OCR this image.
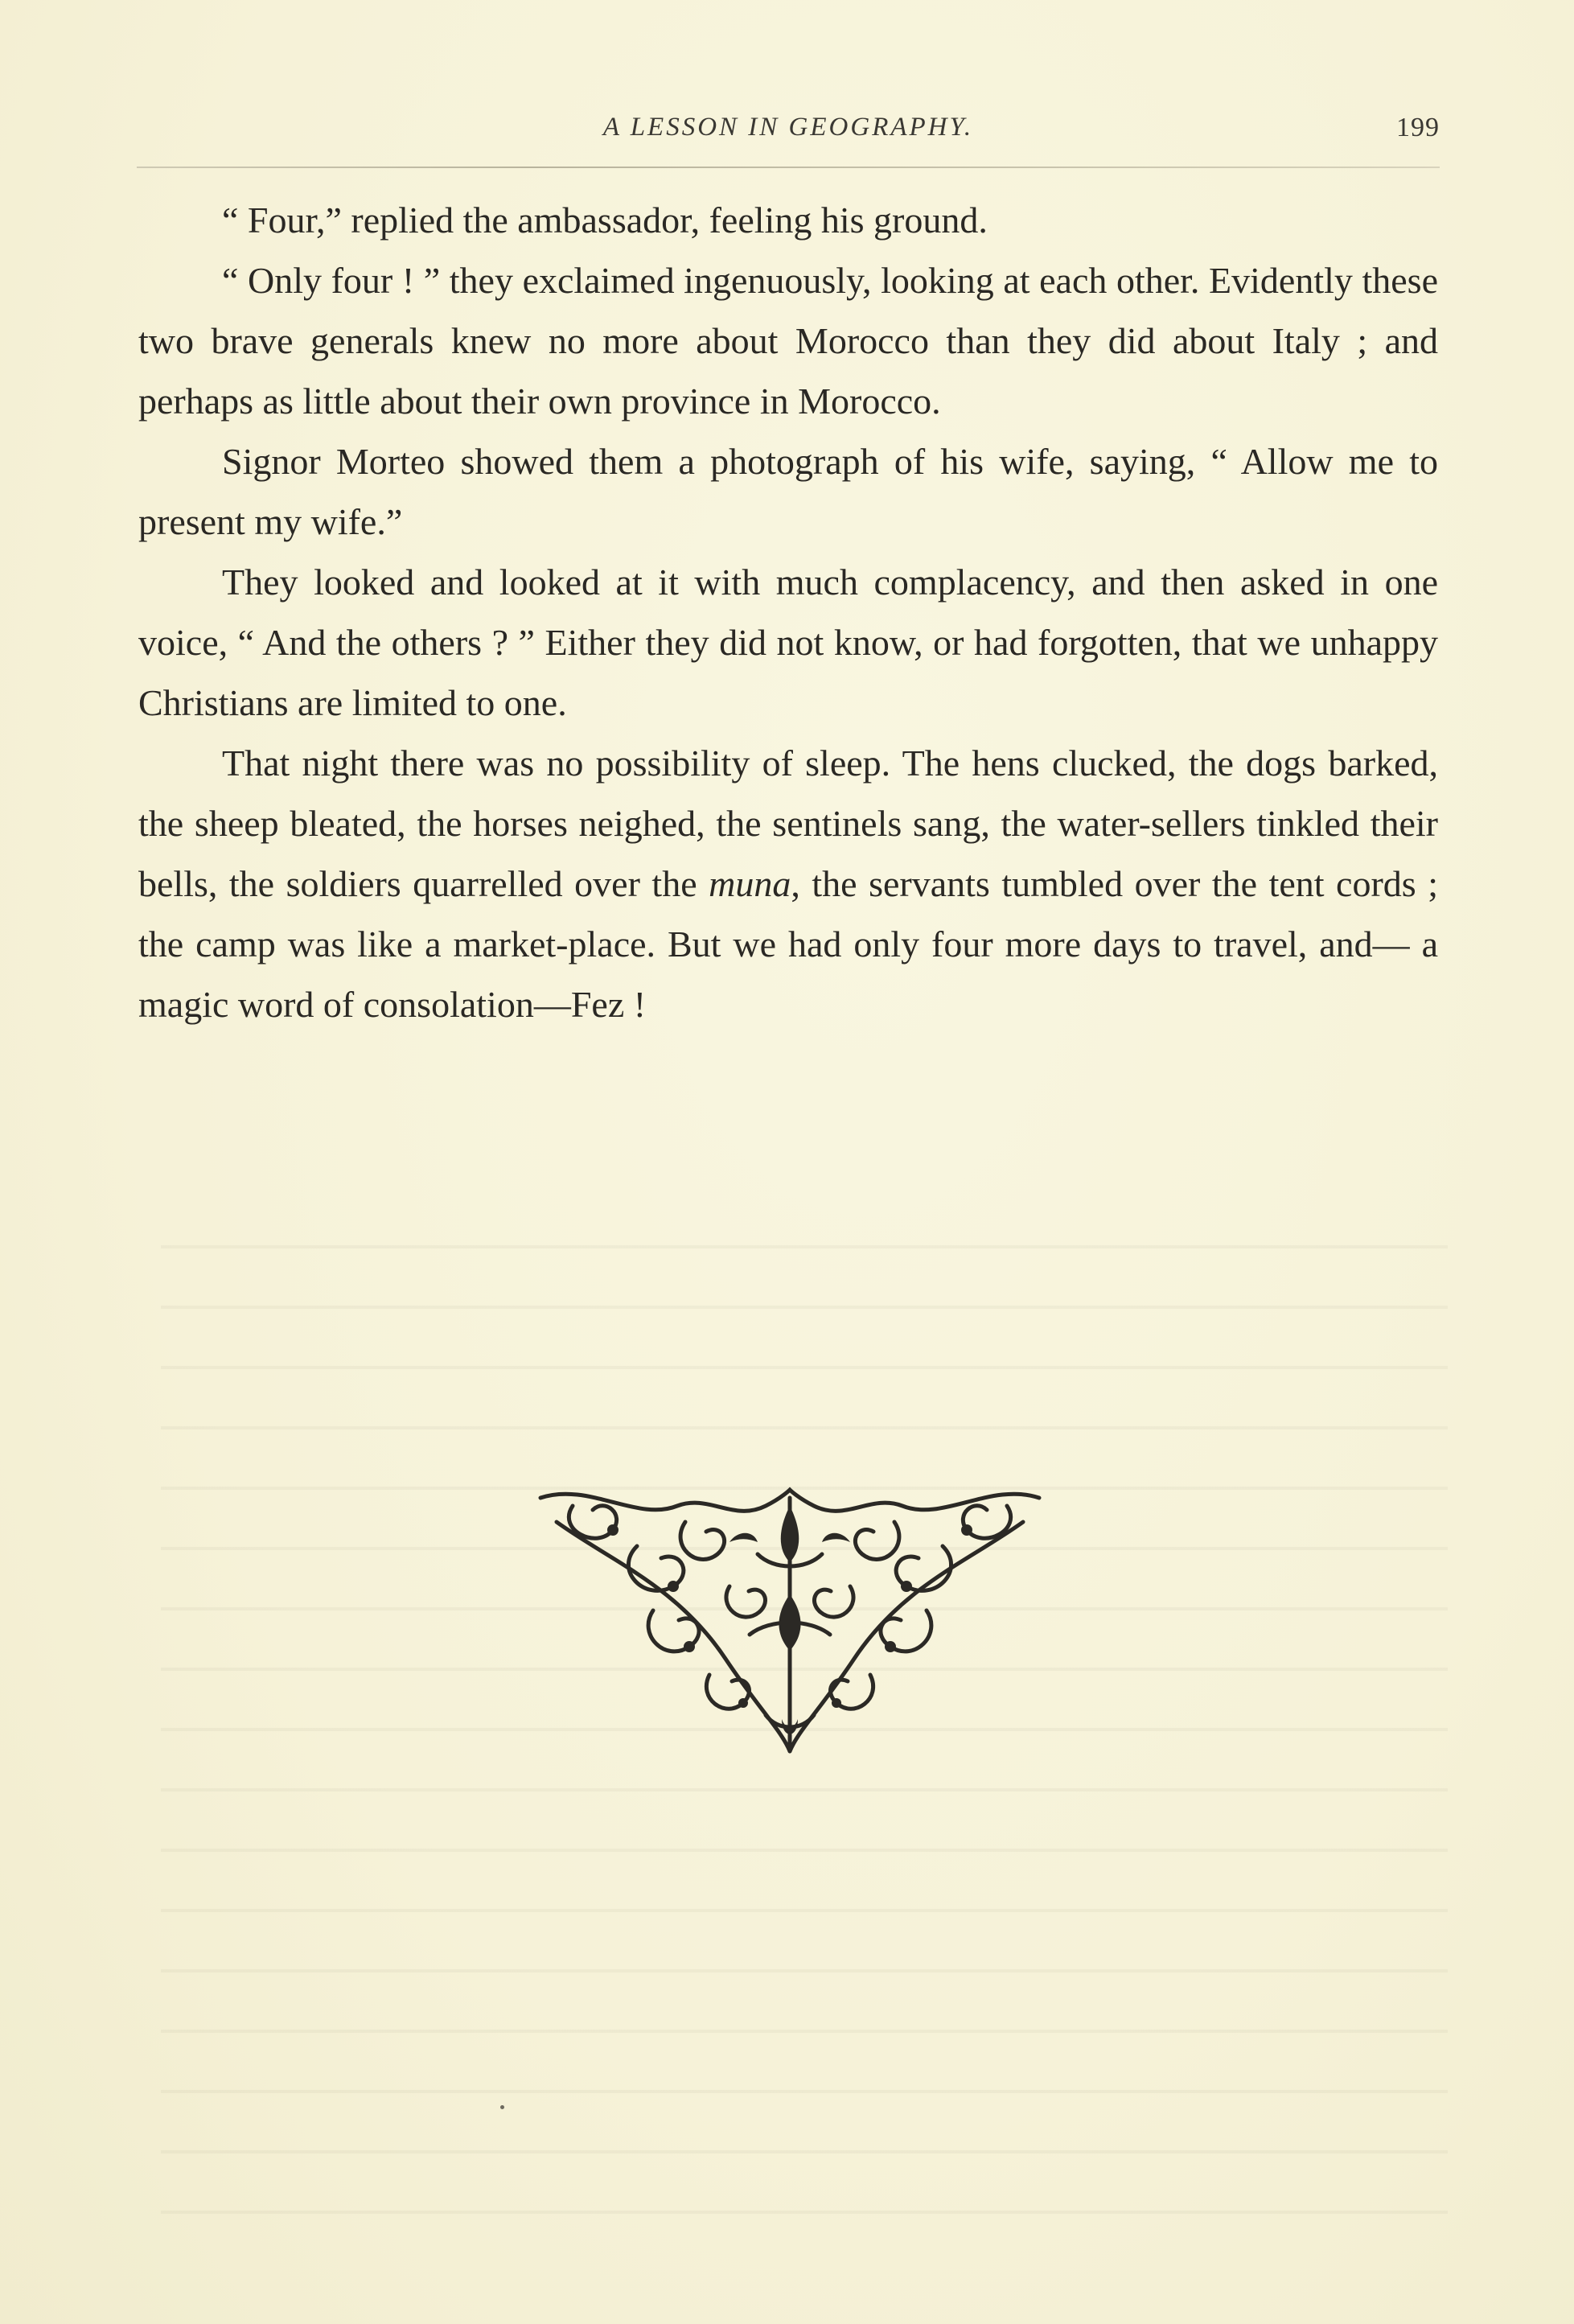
A LESSON IN GEOGRAPHY.	199

“ Four,” replied the ambassador, feeling his ground.

“ Only four ! ” they exclaimed ingenuously, looking at each other. Evidently these two brave generals knew no more about Morocco than they did about Italy ; and perhaps as little about their own province in Morocco.

Signor Morteo showed them a photograph of his wife, saying, “ Allow me to present my wife.”

They looked and looked at it with much complacency, and then asked in one voice, “ And the others ? ” Either they did not know, or had forgotten, that we unhappy Christians are limited to one.

That night there was no possibility of sleep. The hens clucked, the dogs barked, the sheep bleated, the horses neighed, the sentinels sang, the water-sellers tinkled their bells, the soldiers quarrelled over the muna, the servants tumbled over the tent cords ; the camp was like a market-place. But we had only four more days to travel, and— a magic word of consolation—Fez !
